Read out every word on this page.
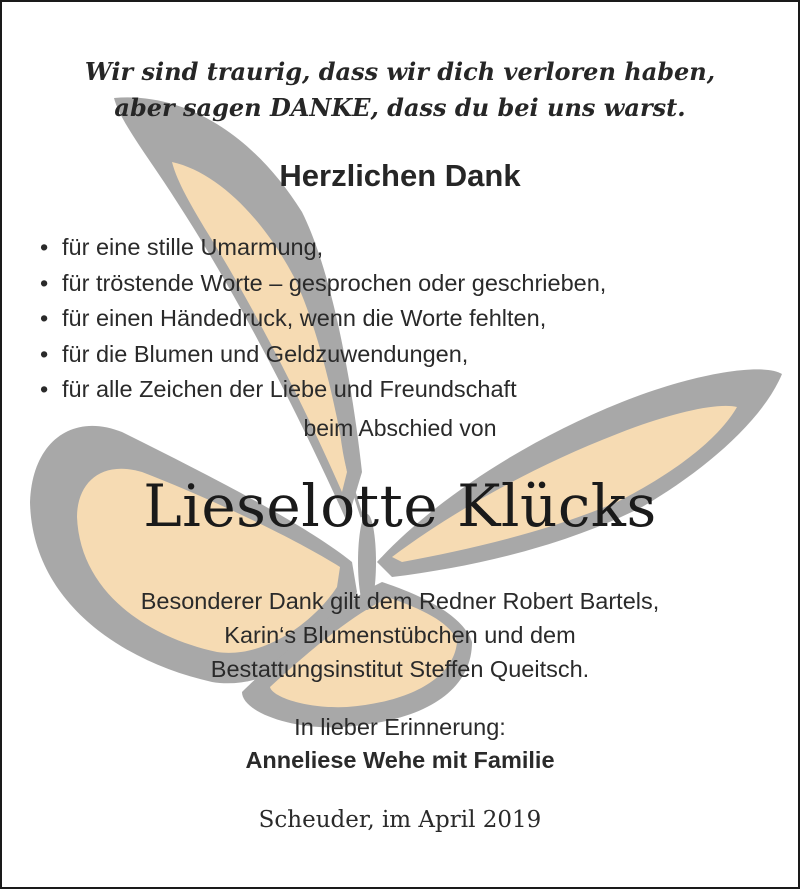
Wir sind traurig, dass wir dich verloren haben,
aber sagen DANKE, dass du bei uns warst.
Herzlichen Dank
• für eine stille Umarmung,
• für tröstende Worte – gesprochen oder geschrieben,
• für einen Händedruck, wenn die Worte fehlten,
• für die Blumen und Geldzuwendungen,
• für alle Zeichen der Liebe und Freundschaft
beim Abschied von
Lieselotte Klücks
Besonderer Dank gilt dem Redner Robert Bartels,
Karin‘s Blumenstübchen und dem
Bestattungsinstitut Steffen Queitsch.
In lieber Erinnerung:
Anneliese Wehe mit Familie
Scheuder, im April 2019
